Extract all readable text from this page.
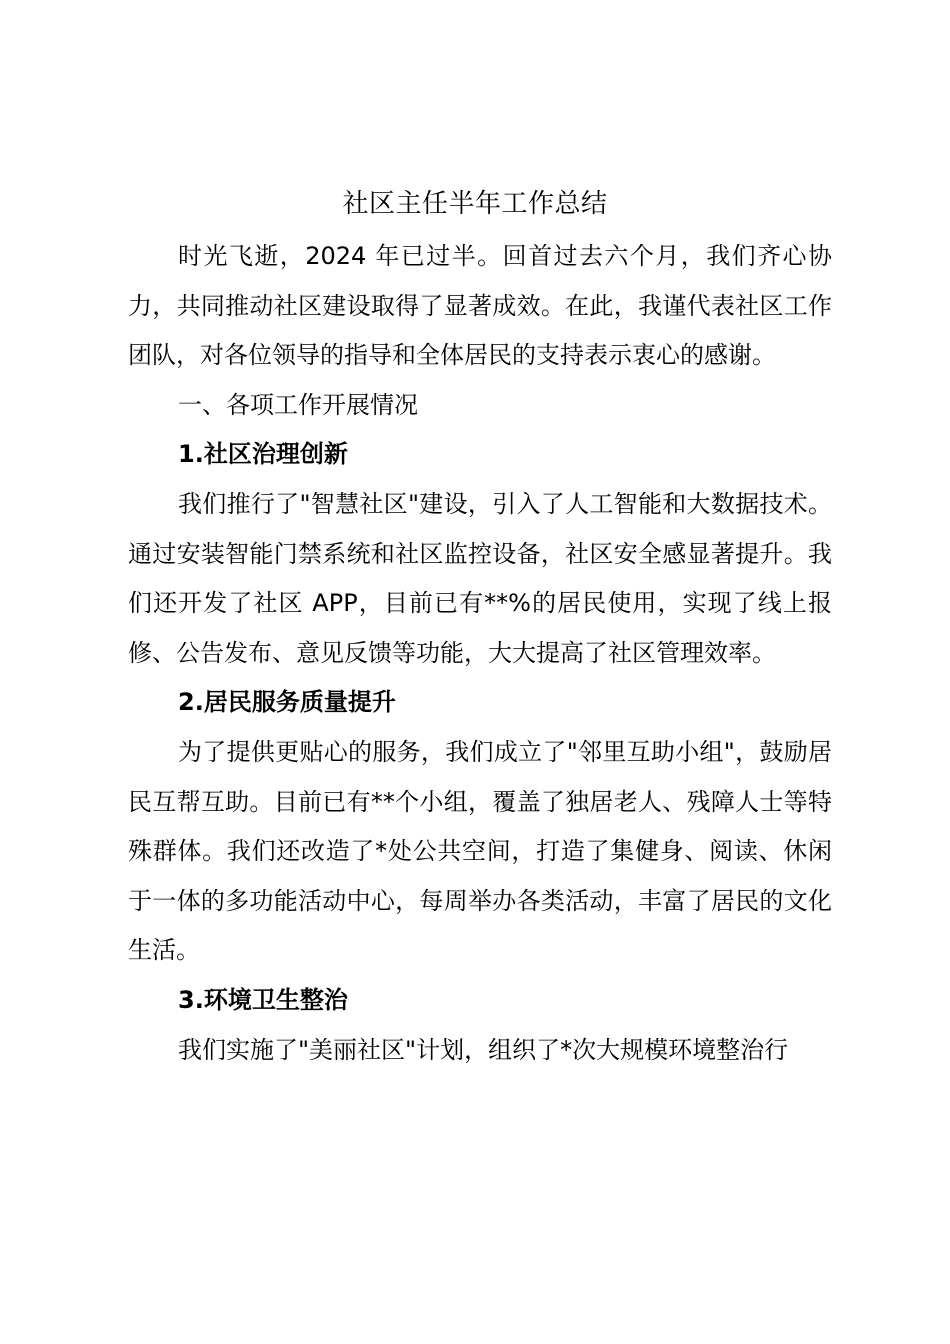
社区主任半年工作总结

时光飞逝，2024 年已过半。回首过去六个月，我们齐心协力，共同推动社区建设取得了显著成效。在此，我谨代表社区工作团队，对各位领导的指导和全体居民的支持表示衷心的感谢。

一、各项工作开展情况

1.社区治理创新

我们推行了"智慧社区"建设，引入了人工智能和大数据技术。通过安装智能门禁系统和社区监控设备，社区安全感显著提升。我们还开发了社区 APP，目前已有**%的居民使用，实现了线上报修、公告发布、意见反馈等功能，大大提高了社区管理效率。

2.居民服务质量提升

为了提供更贴心的服务，我们成立了"邻里互助小组"，鼓励居民互帮互助。目前已有**个小组，覆盖了独居老人、残障人士等特殊群体。我们还改造了*处公共空间，打造了集健身、阅读、休闲于一体的多功能活动中心，每周举办各类活动，丰富了居民的文化生活。

3.环境卫生整治

我们实施了"美丽社区"计划，组织了*次大规模环境整治行
